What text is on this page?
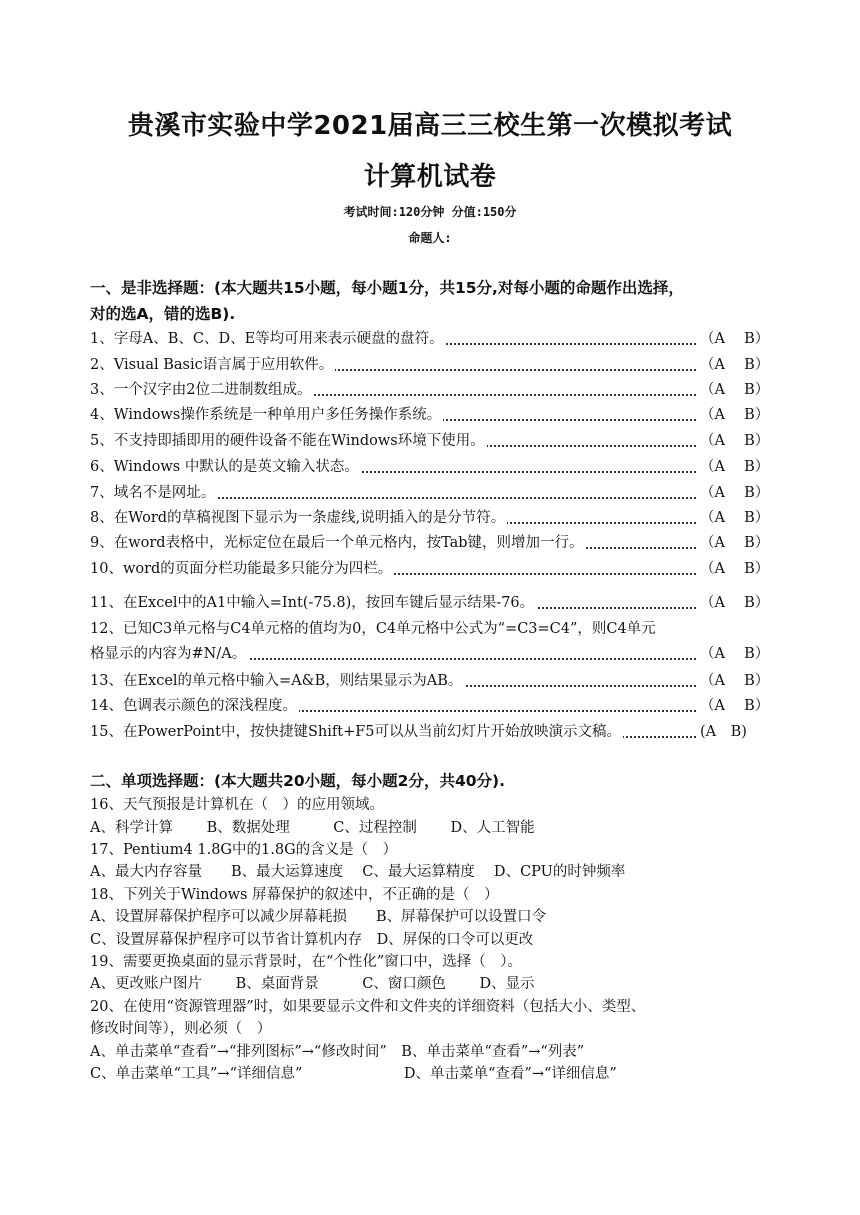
贵溪市实验中学2021届高三三校生第一次模拟考试
计算机试卷
考试时间:120分钟 分值:150分
命题人:
一、是非选择题：(本大题共15小题，每小题1分，共15分,对每小题的命题作出选择，
对的选A，错的选B).
1、字母A、B、C、D、E等均可用来表示硬盘的盘符。	（A　 B）
2、Visual Basic语言属于应用软件。	（A　 B）
3、一个汉字由2位二进制数组成。	（A　 B）
4、Windows操作系统是一种单用户多任务操作系统。	（A　 B）
5、不支持即插即用的硬件设备不能在Windows环境下使用。	（A　 B）
6、Windows 中默认的是英文输入状态。	（A　 B）
7、域名不是网址。	（A　 B）
8、在Word的草稿视图下显示为一条虚线,说明插入的是分节符。	（A　 B）
9、在word表格中，光标定位在最后一个单元格内，按Tab键，则增加一行。	（A　 B）
10、word的页面分栏功能最多只能分为四栏。	（A　 B）
11、在Excel中的A1中输入=Int(-75.8)，按回车键后显示结果-76。	（A　 B）
12、已知C3单元格与C4单元格的值均为0，C4单元格中公式为“=C3=C4”，则C4单元
格显示的内容为#N/A。	（A　 B）
13、在Excel的单元格中输入=A&B，则结果显示为AB。	（A　 B）
14、色调表示颜色的深浅程度。	（A　 B）
15、在PowerPoint中，按快捷键Shift+F5可以从当前幻灯片开始放映演示文稿。	(A　B)
二、单项选择题：(本大题共20小题，每小题2分，共40分).
16、天气预报是计算机在（　）的应用领域。
A、科学计算　　 B、数据处理　　　C、过程控制　　 D、人工智能
17、Pentium4 1.8G中的1.8G的含义是（　）
A、最大内存容量　　B、最大运算速度　 C、最大运算精度　 D、CPU的时钟频率
18、下列关于Windows 屏幕保护的叙述中，不正确的是（　）
A、设置屏幕保护程序可以减少屏幕耗损　　B、屏幕保护可以设置口令
C、设置屏幕保护程序可以节省计算机内存　D、屏保的口令可以更改
19、需要更换桌面的显示背景时，在“个性化”窗口中，选择（　）。
A、更改账户图片　　 B、桌面背景　　　C、窗口颜色　　 D、显示
20、在使用“资源管理器”时，如果要显示文件和文件夹的详细资料（包括大小、类型、
修改时间等），则必须（　）
A、单击菜单“查看”→“排列图标”→“修改时间”　B、单击菜单“查看”→“列表”
C、单击菜单“工具”→“详细信息”　　　　　　　D、单击菜单“查看”→“详细信息”
